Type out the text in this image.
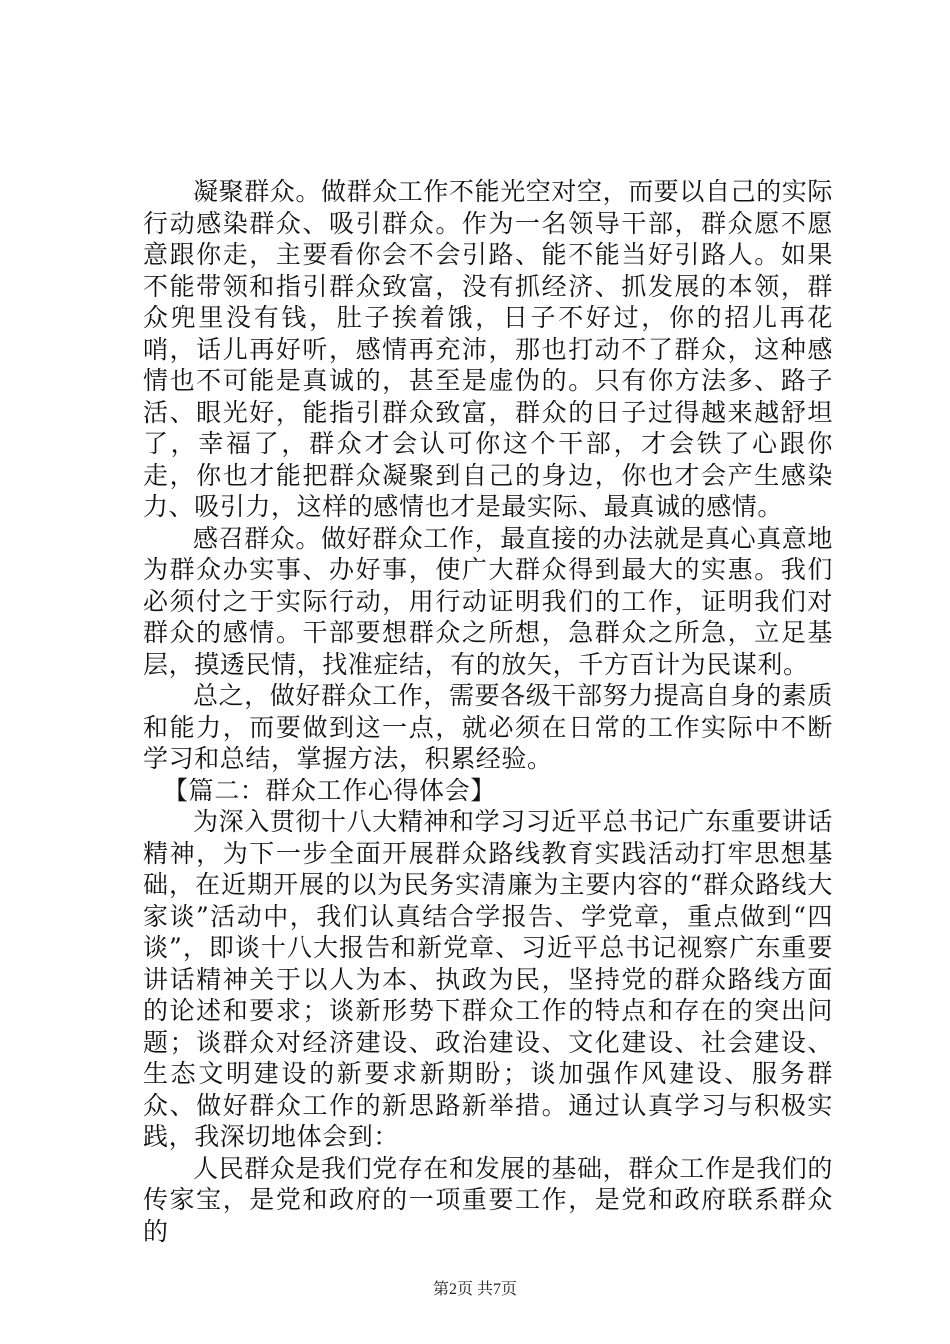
凝聚群众。做群众工作不能光空对空，而要以自己的实际行动感染群众、吸引群众。作为一名领导干部，群众愿不愿意跟你走，主要看你会不会引路、能不能当好引路人。如果不能带领和指引群众致富，没有抓经济、抓发展的本领，群众兜里没有钱，肚子挨着饿，日子不好过，你的招儿再花哨，话儿再好听，感情再充沛，那也打动不了群众，这种感情也不可能是真诚的，甚至是虚伪的。只有你方法多、路子活、眼光好，能指引群众致富，群众的日子过得越来越舒坦了，幸福了，群众才会认可你这个干部，才会铁了心跟你走，你也才能把群众凝聚到自己的身边，你也才会产生感染力、吸引力，这样的感情也才是最实际、最真诚的感情。

感召群众。做好群众工作，最直接的办法就是真心真意地为群众办实事、办好事，使广大群众得到最大的实惠。我们必须付之于实际行动，用行动证明我们的工作，证明我们对群众的感情。干部要想群众之所想，急群众之所急，立足基层，摸透民情，找准症结，有的放矢，千方百计为民谋利。

总之，做好群众工作，需要各级干部努力提高自身的素质和能力，而要做到这一点，就必须在日常的工作实际中不断学习和总结，掌握方法，积累经验。

【篇二：群众工作心得体会】

为深入贯彻十八大精神和学习习近平总书记广东重要讲话精神，为下一步全面开展群众路线教育实践活动打牢思想基础，在近期开展的以为民务实清廉为主要内容的“群众路线大家谈”活动中，我们认真结合学报告、学党章，重点做到“四谈”，即谈十八大报告和新党章、习近平总书记视察广东重要讲话精神关于以人为本、执政为民，坚持党的群众路线方面的论述和要求；谈新形势下群众工作的特点和存在的突出问题；谈群众对经济建设、政治建设、文化建设、社会建设、生态文明建设的新要求新期盼；谈加强作风建设、服务群众、做好群众工作的新思路新举措。通过认真学习与积极实践，我深切地体会到：

人民群众是我们党存在和发展的基础，群众工作是我们的传家宝，是党和政府的一项重要工作，是党和政府联系群众的

第2页 共7页
